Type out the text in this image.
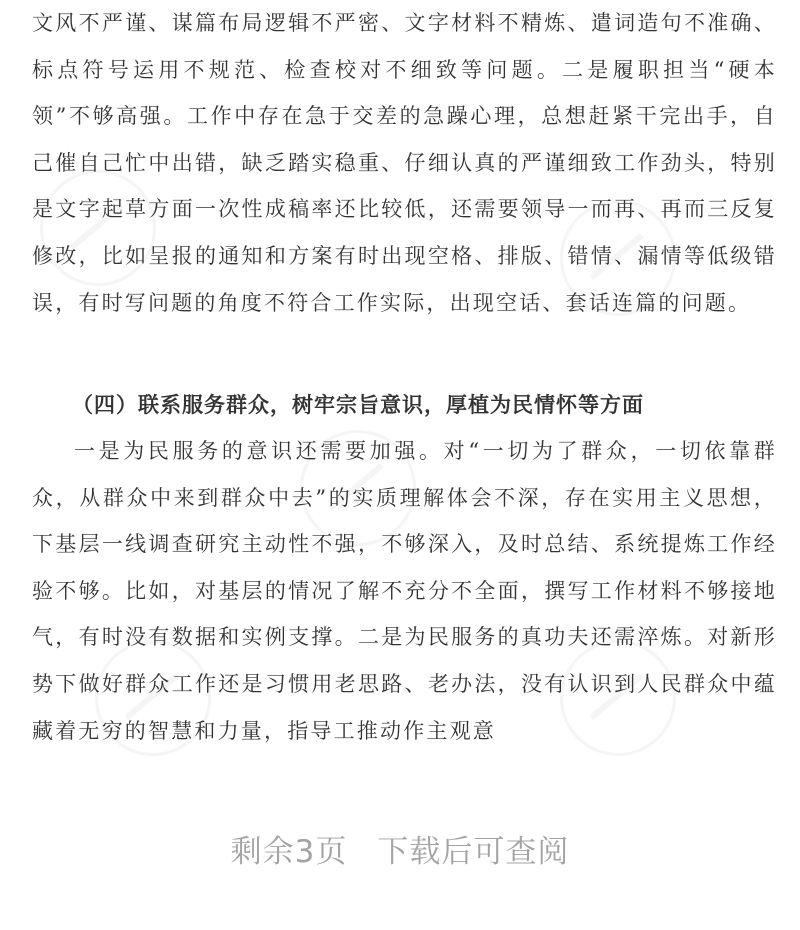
文风不严谨、谋篇布局逻辑不严密、文字材料不精炼、遣词造句不准确、标点符号运用不规范、检查校对不细致等问题。二是履职担当“硬本领”不够高强。工作中存在急于交差的急躁心理，总想赶紧干完出手，自己催自己忙中出错，缺乏踏实稳重、仔细认真的严谨细致工作劲头，特别是文字起草方面一次性成稿率还比较低，还需要领导一而再、再而三反复修改，比如呈报的通知和方案有时出现空格、排版、错情、漏情等低级错误，有时写问题的角度不符合工作实际，出现空话、套话连篇的问题。

（四）联系服务群众，树牢宗旨意识，厚植为民情怀等方面

一是为民服务的意识还需要加强。对“一切为了群众，一切依靠群众，从群众中来到群众中去”的实质理解体会不深，存在实用主义思想，下基层一线调查研究主动性不强，不够深入，及时总结、系统提炼工作经验不够。比如，对基层的情况了解不充分不全面，撰写工作材料不够接地气，有时没有数据和实例支撑。二是为民服务的真功夫还需淬炼。对新形势下做好群众工作还是习惯用老思路、老办法，没有认识到人民群众中蕴藏着无穷的智慧和力量，指导工推动作主观意

剩余3页 下载后可查阅
